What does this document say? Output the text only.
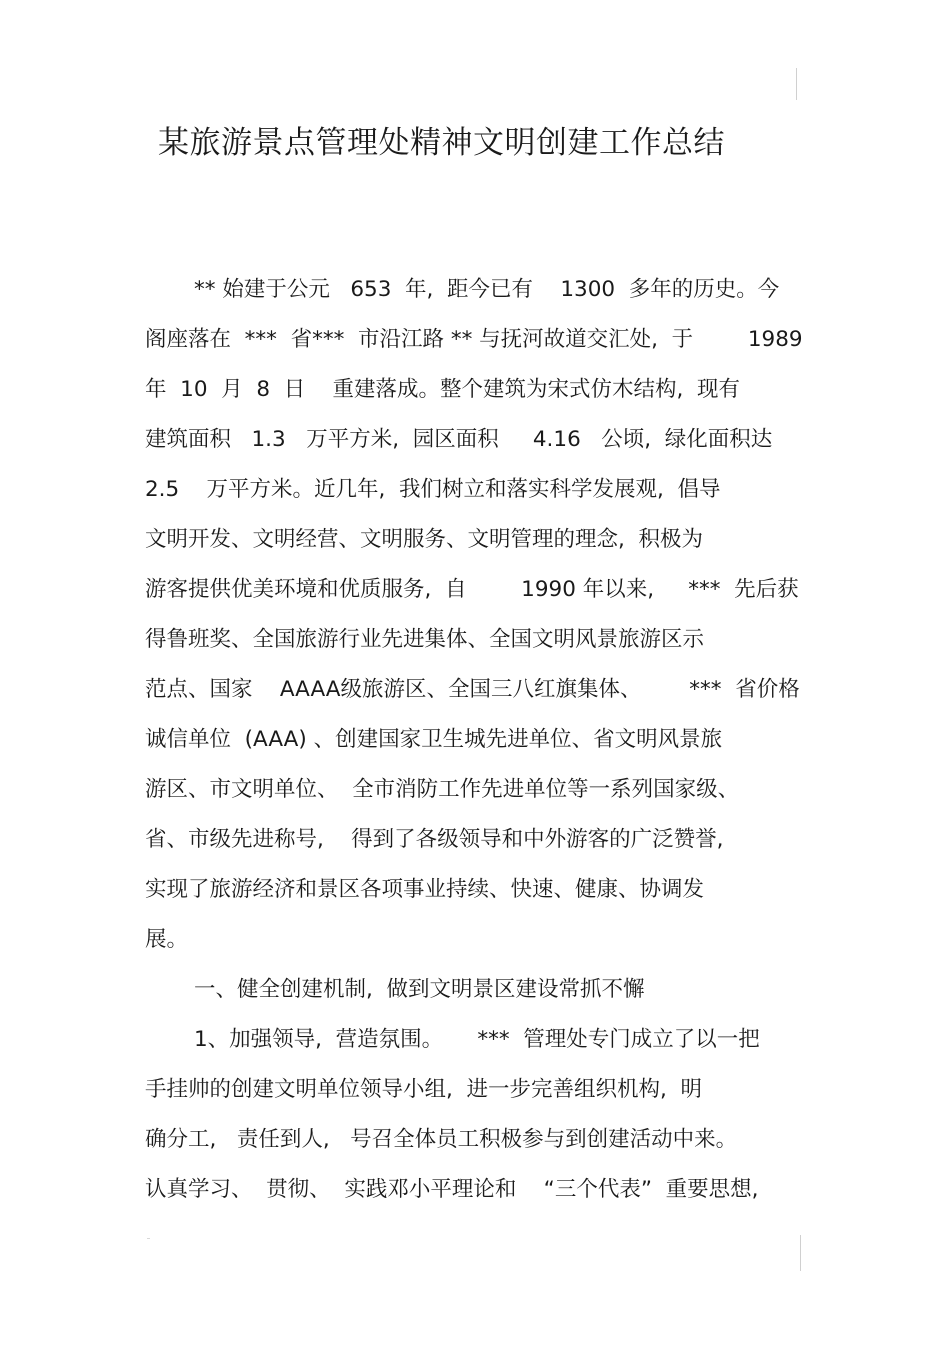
某旅游景点管理处精神文明创建工作总结
** 始建于公元   653  年,  距今已有    1300  多年的历史。今
阁座落在  ***  省***  市沿江路 ** 与抚河故道交汇处,  于        1989
年  10  月  8  日    重建落成。整个建筑为宋式仿木结构,  现有
建筑面积   1.3   万平方米,  园区面积     4.16   公顷,  绿化面积达
2.5    万平方米。近几年,  我们树立和落实科学发展观,  倡导
文明开发、文明经营、文明服务、文明管理的理念,  积极为
游客提供优美环境和优质服务,  自        1990 年以来,     ***  先后获
得鲁班奖、全国旅游行业先进集体、全国文明风景旅游区示
范点、国家    AAAA级旅游区、全国三八红旗集体、       ***  省价格
诚信单位  (AAA) 、创建国家卫生城先进单位、省文明风景旅
游区、市文明单位、  全市消防工作先进单位等一系列国家级、
省、市级先进称号,    得到了各级领导和中外游客的广泛赞誉,
实现了旅游经济和景区各项事业持续、快速、健康、协调发
展。
一、健全创建机制,  做到文明景区建设常抓不懈
1、加强领导,  营造氛围。     ***  管理处专门成立了以一把
手挂帅的创建文明单位领导小组,  进一步完善组织机构,  明
确分工,   责任到人,   号召全体员工积极参与到创建活动中来。
认真学习、  贯彻、  实践邓小平理论和    “三个代表”  重要思想,
